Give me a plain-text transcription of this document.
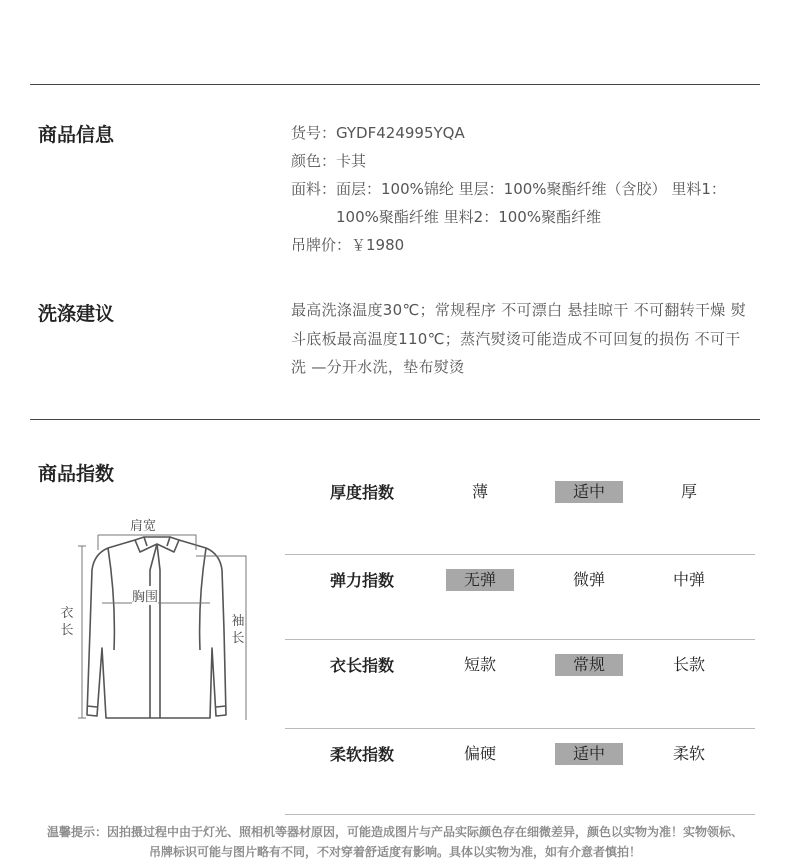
商品信息	货号：GYDF424995YQA
颜色：卡其
面料： 面层：100%锦纶 里层：100%聚酯纤维（含胶） 里料1：100%聚酯纤维 里料2：100%聚酯纤维
吊牌价：￥1980
洗涤建议	最高洗涤温度30℃；常规程序 不可漂白 悬挂晾干 不可翻转干燥 熨斗底板最高温度110℃；蒸汽熨烫可能造成不可回复的损伤 不可干洗 —分开水洗，垫布熨烫
商品指数
肩宽
胸围
衣长
袖长
厚度指数	薄	适中	厚
弹力指数	无弹	微弹	中弹
衣长指数	短款	常规	长款
柔软指数	偏硬	适中	柔软
温馨提示：因拍摄过程中由于灯光、照相机等器材原因，可能造成图片与产品实际颜色存在细微差异，颜色以实物为准！实物领标、
吊牌标识可能与图片略有不同，不对穿着舒适度有影响。具体以实物为准，如有介意者慎拍！
